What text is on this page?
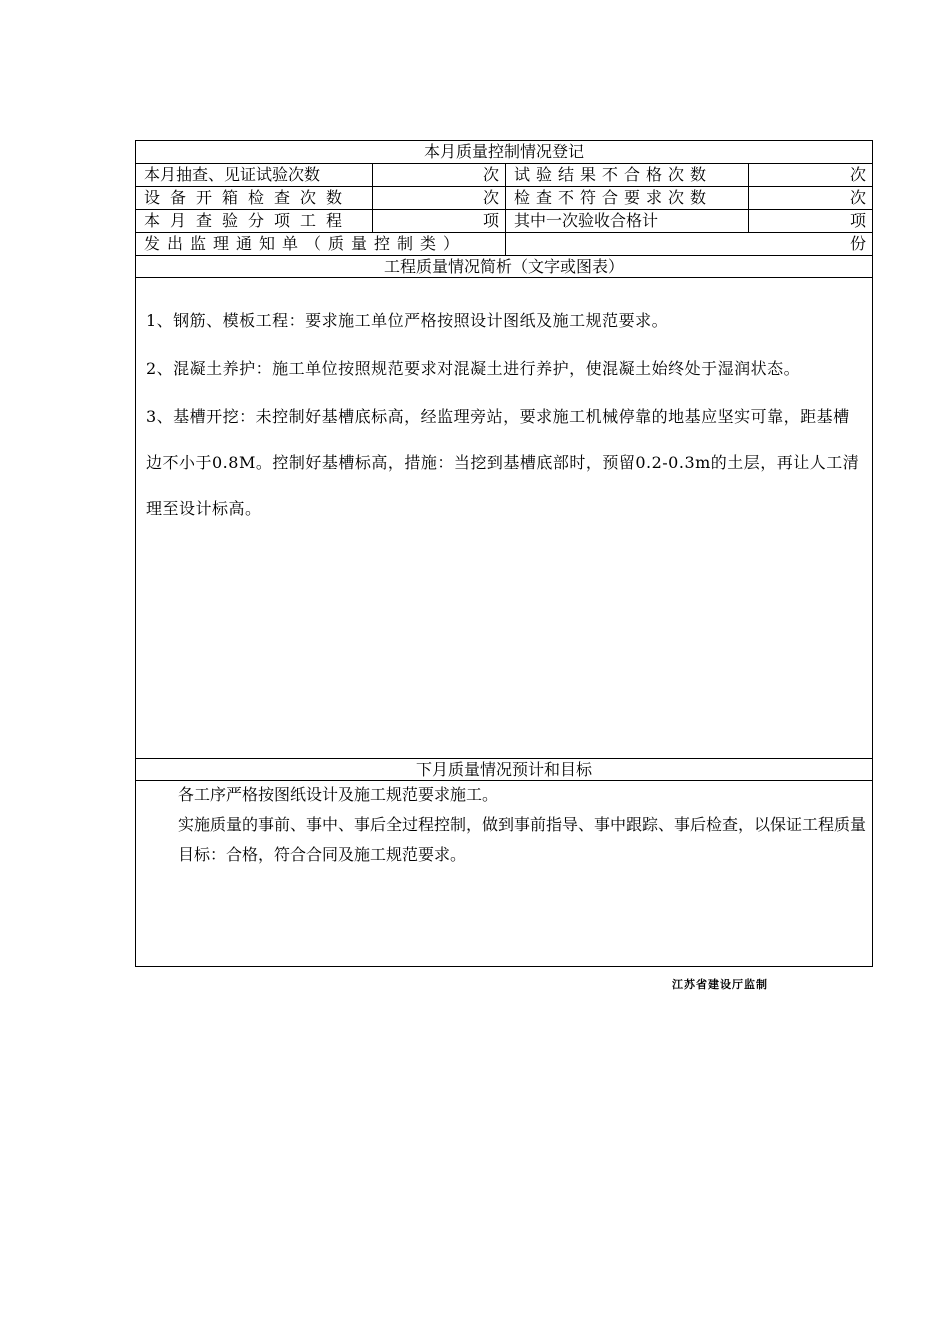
本月质量控制情况登记
本月抽查、见证试验次数	次 试验结果不合格次数	次
设备开箱检查次数	次 检查不符合要求次数	次
本月查验分项工程	项 其中一次验收合格计	项
发出监理通知单（质量控制类）	份
工程质量情况简析（文字或图表）

1、钢筋、模板工程：要求施工单位严格按照设计图纸及施工规范要求。

2、混凝土养护：施工单位按照规范要求对混凝土进行养护，使混凝土始终处于湿润状态。

3、基槽开挖：未控制好基槽底标高，经监理旁站，要求施工机械停靠的地基应坚实可靠，距基槽边不小于0.8M。控制好基槽标高，措施：当挖到基槽底部时，预留0.2-0.3m的土层，再让人工清理至设计标高。

下月质量情况预计和目标

各工序严格按图纸设计及施工规范要求施工。

实施质量的事前、事中、事后全过程控制，做到事前指导、事中跟踪、事后检查，以保证工程质量

目标：合格，符合合同及施工规范要求。

江苏省建设厅监制
